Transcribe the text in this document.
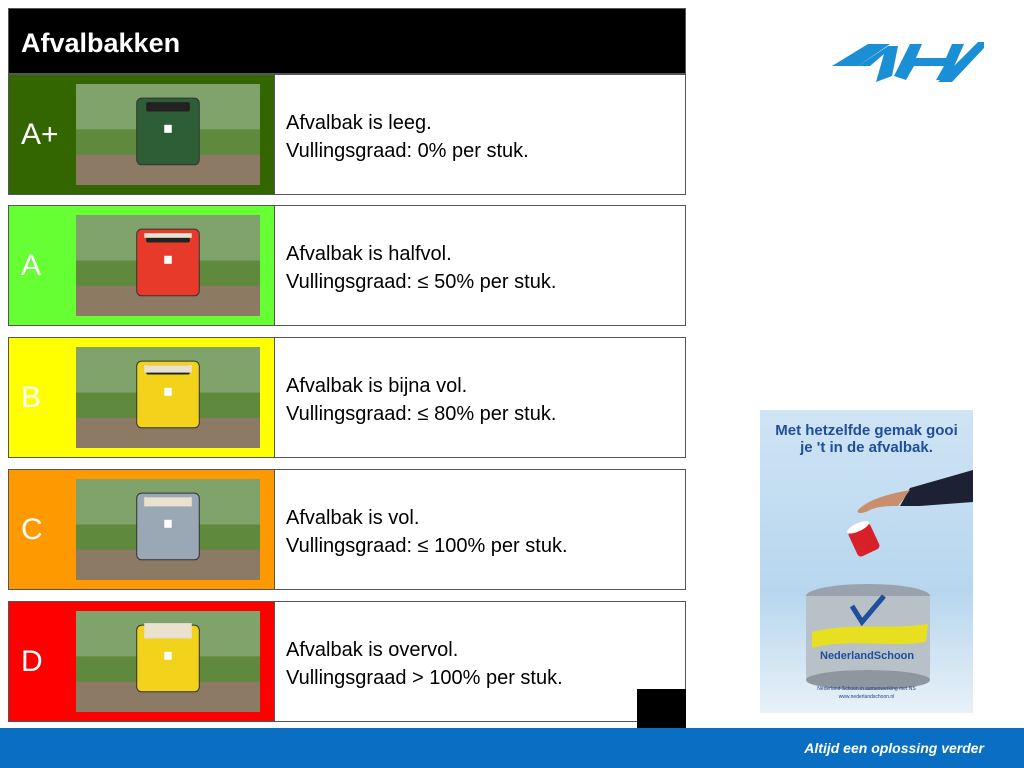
Afvalbakken
A+	Afvalbak is leeg.
Vullingsgraad: 0% per stuk.
A	Afvalbak is halfvol.
Vullingsgraad: ≤ 50% per stuk.
B	Afvalbak is bijna vol.
Vullingsgraad: ≤ 80% per stuk.
C	Afvalbak is vol.
Vullingsgraad: ≤ 100% per stuk.
D	Afvalbak is overvol.
Vullingsgraad > 100% per stuk.
Met hetzelfde gemak gooi je 't in de afvalbak.
NederlandSchoon
Nederland Schoon in samenwerking met NS
www.nederlandschoon.nl
Altijd een oplossing verder
